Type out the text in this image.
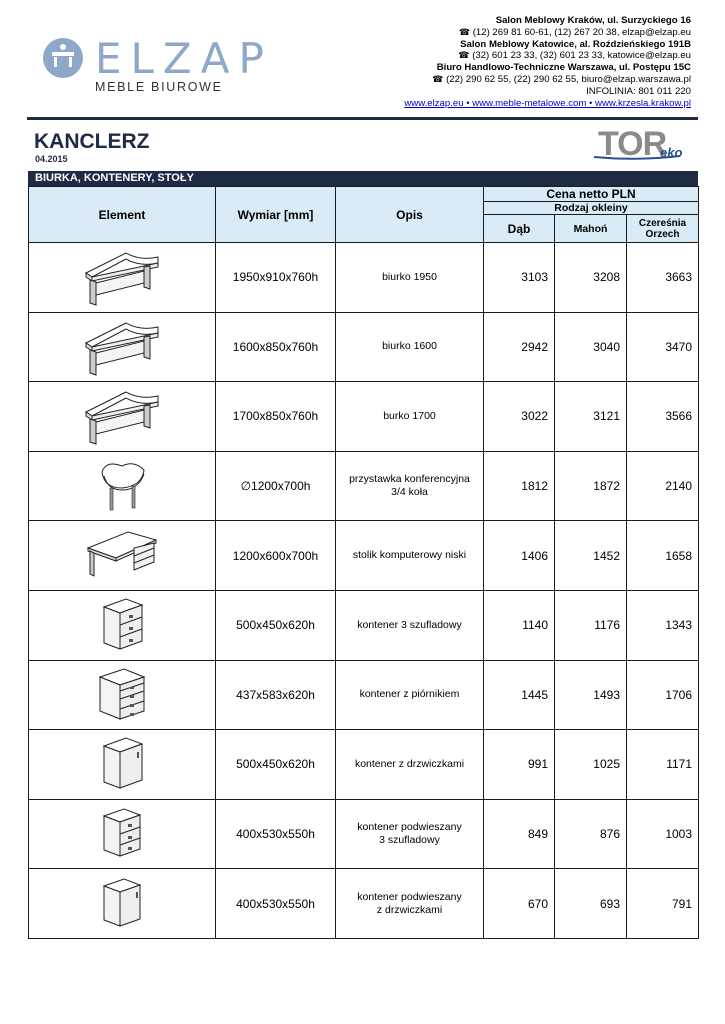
ELZAP
MEBLE BIUROWE
Salon Meblowy Kraków, ul. Surzyckiego 16
☎ (12) 269 81 60-61, (12) 267 20 38, elzap@elzap.eu
Salon Meblowy Katowice, al. Roździeńskiego 191B
☎ (32) 601 23 33, (32) 601 23 33, katowice@elzap.eu
Biuro Handlowo-Techniczne Warszawa, ul. Postępu 15C
☎ (22) 290 62 55, (22) 290 62 55, biuro@elzap.warszawa.pl
INFOLINIA: 801 011 220
www.elzap.eu • www.meble-metalowe.com • www.krzesla.krakow.pl
KANCLERZ
04.2015	TOR
eko
BIURKA, KONTENERY, STOŁY
Element	Wymiar [mm]	Opis	Cena netto PLN		
			Rodzaj okleiny		
			Dąb	Mahoń	Czereśnia
Orzech

	1950x910x760h	biurko 1950	3103	3208	3663

	1600x850x760h	biurko 1600	2942	3040	3470

	1700x850x760h	burko 1700	3022	3121	3566

	∅1200x700h	przystawka konferencyjna
3/4 koła	1812	1872	2140

	1200x600x700h	stolik komputerowy niski	1406	1452	1658

	500x450x620h	kontener 3 szufladowy	1140	1176	1343

	437x583x620h	kontener z piórnikiem	1445	1493	1706

	500x450x620h	kontener z drzwiczkami	991	1025	1171

	400x530x550h	kontener podwieszany
3 szufladowy	849	876	1003

	400x530x550h	kontener podwieszany
z drzwiczkami	670	693	791
